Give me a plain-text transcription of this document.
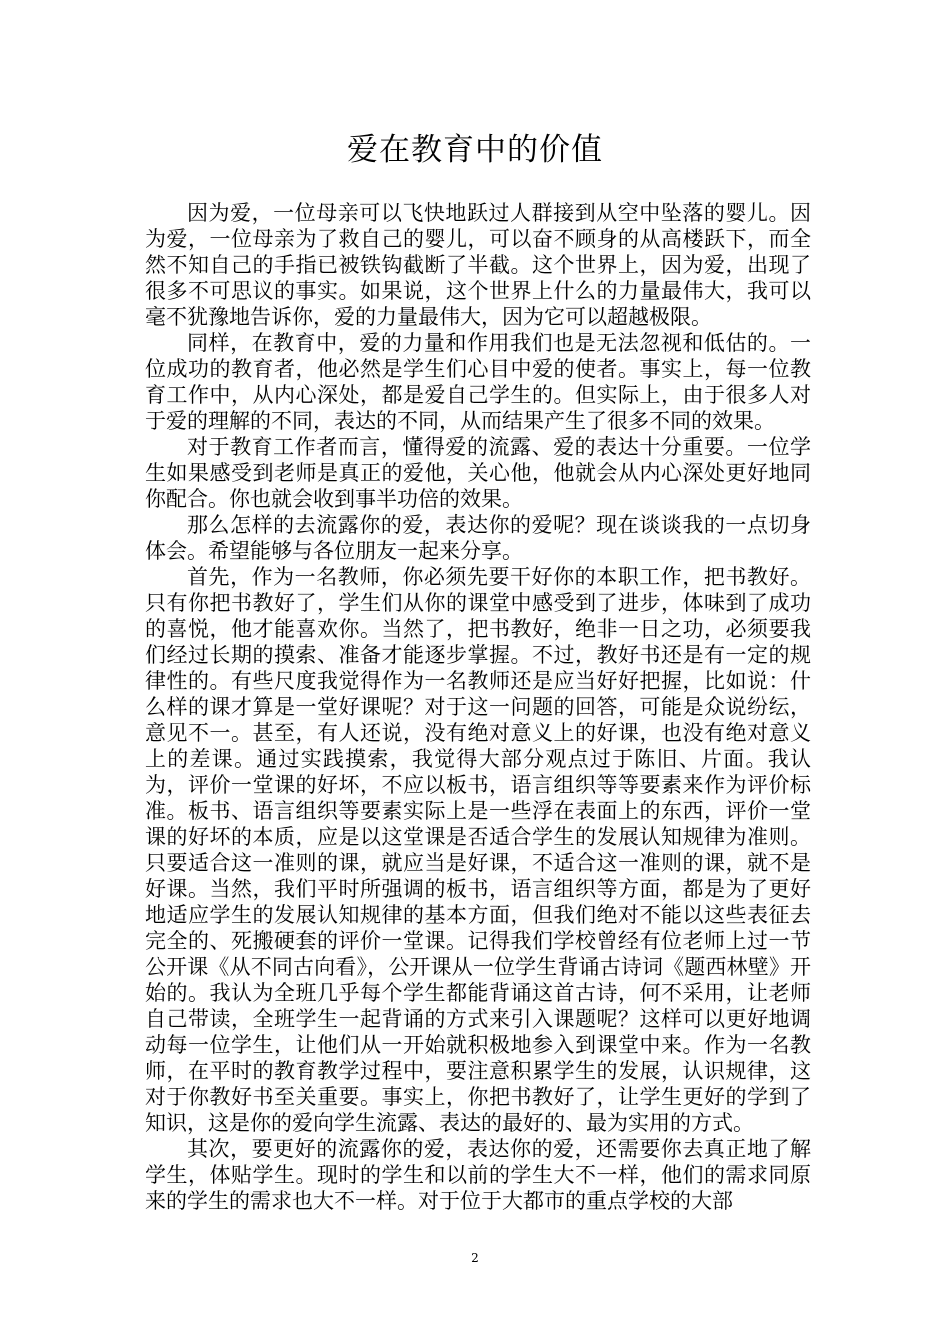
爱在教育中的价值

因为爱，一位母亲可以飞快地跃过人群接到从空中坠落的婴儿。因为爱，一位母亲为了救自己的婴儿，可以奋不顾身的从高楼跃下，而全然不知自己的手指已被铁钩截断了半截。这个世界上，因为爱，出现了很多不可思议的事实。如果说，这个世界上什么的力量最伟大，我可以毫不犹豫地告诉你，爱的力量最伟大，因为它可以超越极限。

同样，在教育中，爱的力量和作用我们也是无法忽视和低估的。一位成功的教育者，他必然是学生们心目中爱的使者。事实上，每一位教育工作中，从内心深处，都是爱自己学生的。但实际上，由于很多人对于爱的理解的不同，表达的不同，从而结果产生了很多不同的效果。

对于教育工作者而言，懂得爱的流露、爱的表达十分重要。一位学生如果感受到老师是真正的爱他，关心他，他就会从内心深处更好地同你配合。你也就会收到事半功倍的效果。

那么怎样的去流露你的爱，表达你的爱呢？现在谈谈我的一点切身体会。希望能够与各位朋友一起来分享。

首先，作为一名教师，你必须先要干好你的本职工作，把书教好。只有你把书教好了，学生们从你的课堂中感受到了进步，体味到了成功的喜悦，他才能喜欢你。当然了，把书教好，绝非一日之功，必须要我们经过长期的摸索、准备才能逐步掌握。不过，教好书还是有一定的规律性的。有些尺度我觉得作为一名教师还是应当好好把握，比如说：什么样的课才算是一堂好课呢？对于这一问题的回答，可能是众说纷纭，意见不一。甚至，有人还说，没有绝对意义上的好课，也没有绝对意义上的差课。通过实践摸索，我觉得大部分观点过于陈旧、片面。我认为，评价一堂课的好坏，不应以板书，语言组织等等要素来作为评价标准。板书、语言组织等要素实际上是一些浮在表面上的东西，评价一堂课的好坏的本质，应是以这堂课是否适合学生的发展认知规律为准则。只要适合这一准则的课，就应当是好课，不适合这一准则的课，就不是好课。当然，我们平时所强调的板书，语言组织等方面，都是为了更好地适应学生的发展认知规律的基本方面，但我们绝对不能以这些表征去完全的、死搬硬套的评价一堂课。记得我们学校曾经有位老师上过一节公开课《从不同古向看》，公开课从一位学生背诵古诗词《题西林壁》开始的。我认为全班几乎每个学生都能背诵这首古诗，何不采用，让老师自己带读，全班学生一起背诵的方式来引入课题呢？这样可以更好地调动每一位学生，让他们从一开始就积极地参入到课堂中来。作为一名教师，在平时的教育教学过程中，要注意积累学生的发展，认识规律，这对于你教好书至关重要。事实上，你把书教好了，让学生更好的学到了知识，这是你的爱向学生流露、表达的最好的、最为实用的方式。

其次，要更好的流露你的爱，表达你的爱，还需要你去真正地了解学生，体贴学生。现时的学生和以前的学生大不一样，他们的需求同原来的学生的需求也大不一样。对于位于大都市的重点学校的大部

2
